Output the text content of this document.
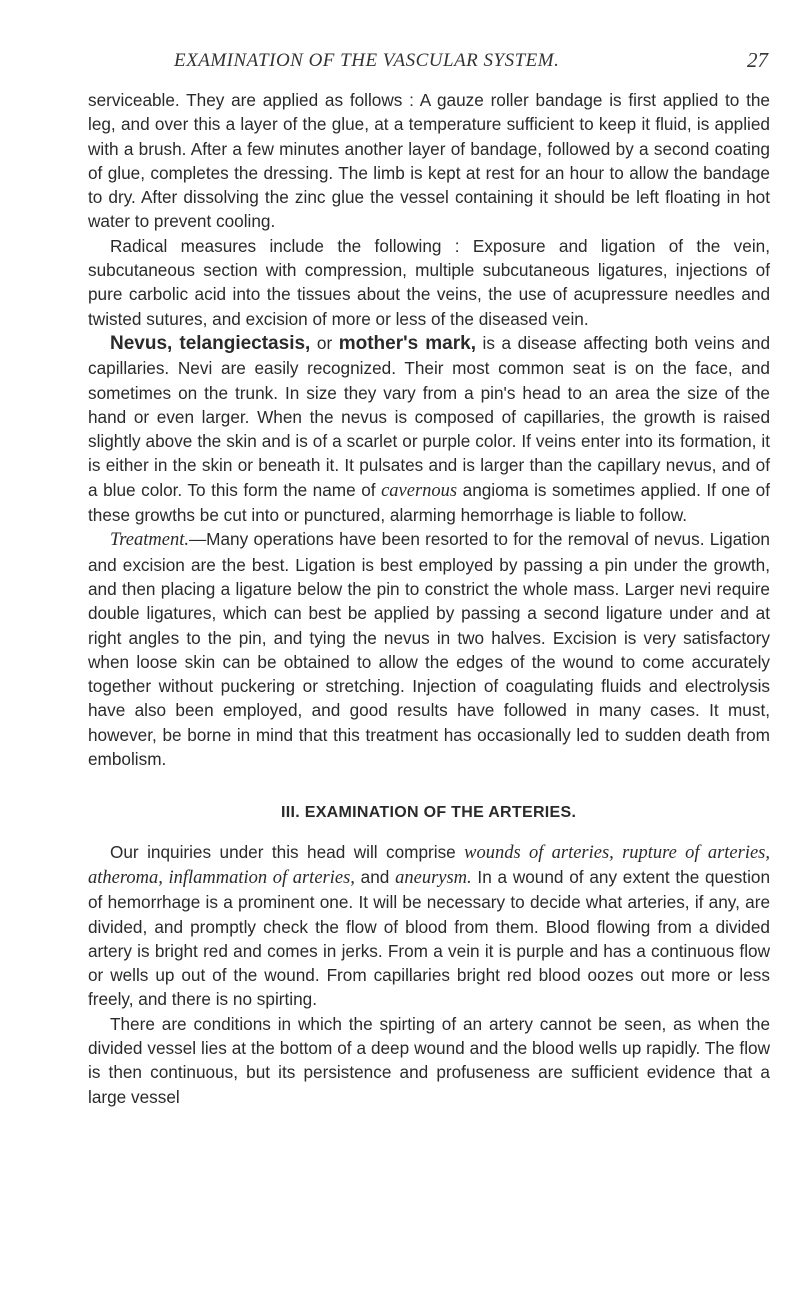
EXAMINATION OF THE VASCULAR SYSTEM.	27

serviceable. They are applied as follows : A gauze roller bandage is first applied to the leg, and over this a layer of the glue, at a temperature sufficient to keep it fluid, is applied with a brush. After a few minutes another layer of bandage, followed by a second coating of glue, completes the dressing. The limb is kept at rest for an hour to allow the bandage to dry. After dissolving the zinc glue the vessel containing it should be left floating in hot water to prevent cooling.

Radical measures include the following : Exposure and ligation of the vein, subcutaneous section with compression, multiple subcutaneous ligatures, injections of pure carbolic acid into the tissues about the veins, the use of acupressure needles and twisted sutures, and excision of more or less of the diseased vein.

Nevus, telangiectasis, or mother's mark, is a disease affecting both veins and capillaries. Nevi are easily recognized. Their most common seat is on the face, and sometimes on the trunk. In size they vary from a pin's head to an area the size of the hand or even larger. When the nevus is composed of capillaries, the growth is raised slightly above the skin and is of a scarlet or purple color. If veins enter into its formation, it is either in the skin or beneath it. It pulsates and is larger than the capillary nevus, and of a blue color. To this form the name of cavernous angioma is sometimes applied. If one of these growths be cut into or punctured, alarming hemorrhage is liable to follow.

Treatment.—Many operations have been resorted to for the removal of nevus. Ligation and excision are the best. Ligation is best employed by passing a pin under the growth, and then placing a ligature below the pin to constrict the whole mass. Larger nevi require double ligatures, which can best be applied by passing a second ligature under and at right angles to the pin, and tying the nevus in two halves. Excision is very satisfactory when loose skin can be obtained to allow the edges of the wound to come accurately together without puckering or stretching. Injection of coagulating fluids and electrolysis have also been employed, and good results have followed in many cases. It must, however, be borne in mind that this treatment has occasionally led to sudden death from embolism.

III. EXAMINATION OF THE ARTERIES.

Our inquiries under this head will comprise wounds of arteries, rupture of arteries, atheroma, inflammation of arteries, and aneurysm. In a wound of any extent the question of hemorrhage is a prominent one. It will be necessary to decide what arteries, if any, are divided, and promptly check the flow of blood from them. Blood flowing from a divided artery is bright red and comes in jerks. From a vein it is purple and has a continuous flow or wells up out of the wound. From capillaries bright red blood oozes out more or less freely, and there is no spirting.

There are conditions in which the spirting of an artery cannot be seen, as when the divided vessel lies at the bottom of a deep wound and the blood wells up rapidly. The flow is then continuous, but its persistence and profuseness are sufficient evidence that a large vessel
